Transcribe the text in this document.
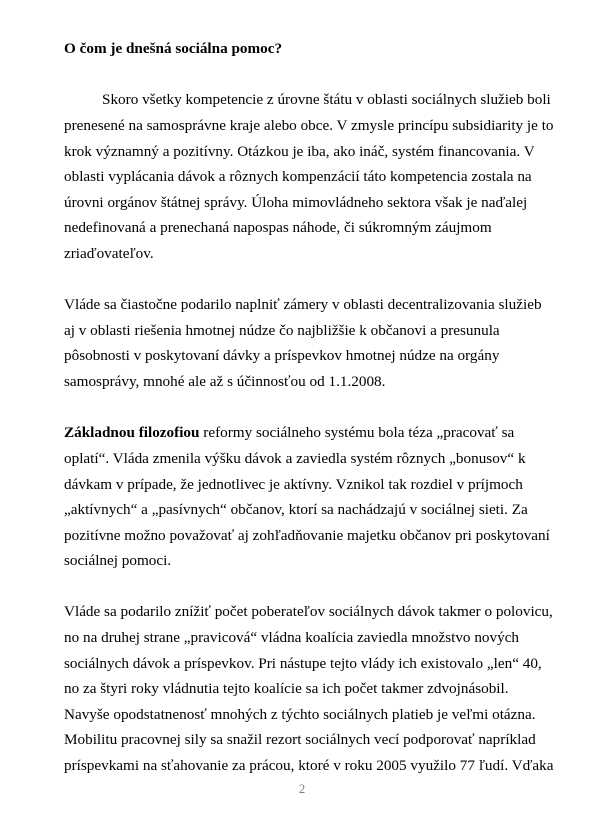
O čom je dnešná sociálna pomoc?
Skoro všetky kompetencie z úrovne štátu v oblasti sociálnych služieb boli
prenesené na samosprávne kraje alebo obce. V zmysle princípu subsidiarity je to
krok významný a pozitívny. Otázkou je iba, ako ináč, systém financovania. V
oblasti vyplácania dávok a rôznych kompenzácií táto kompetencia zostala na
úrovni orgánov štátnej správy. Úloha mimovládneho sektora však je naďalej
nedefinovaná a prenechaná napospas náhode, či súkromným záujmom
zriaďovateľov.
Vláde sa čiastočne podarilo naplniť zámery v oblasti decentralizovania služieb
aj v oblasti riešenia hmotnej núdze čo najbližšie k občanovi a presunula
pôsobnosti v poskytovaní dávky a príspevkov hmotnej núdze na orgány
samosprávy, mnohé ale až s účinnosťou od 1.1.2008.
Základnou filozofiou reformy sociálneho systému bola téza „pracovať sa
oplatí“. Vláda zmenila výšku dávok a zaviedla systém rôznych „bonusov“ k
dávkam v prípade, že jednotlivec je aktívny. Vznikol tak rozdiel v príjmoch
„aktívnych“ a „pasívnych“ občanov, ktorí sa nachádzajú v sociálnej sieti. Za
pozitívne možno považovať aj zohľadňovanie majetku občanov pri poskytovaní
sociálnej pomoci.
Vláde sa podarilo znížiť počet poberateľov sociálnych dávok takmer o polovicu,
no na druhej strane „pravicová“ vládna koalícia zaviedla množstvo nových
sociálnych dávok a príspevkov. Pri nástupe tejto vlády ich existovalo „len“ 40,
no za štyri roky vládnutia tejto koalície sa ich počet takmer zdvojnásobil.
Navyše opodstatnenosť mnohých z týchto sociálnych platieb je veľmi otázna.
Mobilitu pracovnej sily sa snažil rezort sociálnych vecí podporovať napríklad
príspevkami na sťahovanie za prácou, ktoré v roku 2005 využilo 77 ľudí. Vďaka
2
